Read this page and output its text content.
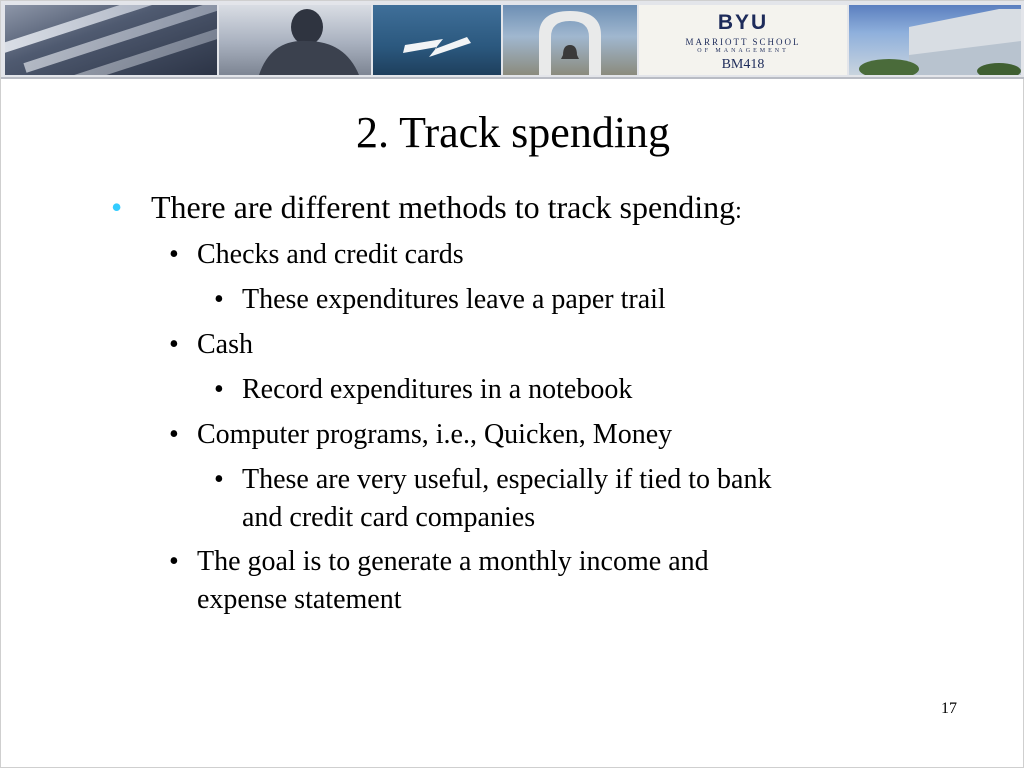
BYU
MARRIOTT SCHOOL
OF MANAGEMENT
BM418
2. Track spending
• There are different methods to track spending:
• Checks and credit cards
• These expenditures leave a paper trail
• Cash
• Record expenditures in a notebook
• Computer programs, i.e., Quicken, Money
• These are very useful, especially if tied to bank
and credit card companies
• The goal is to generate a monthly income and
expense statement
17
